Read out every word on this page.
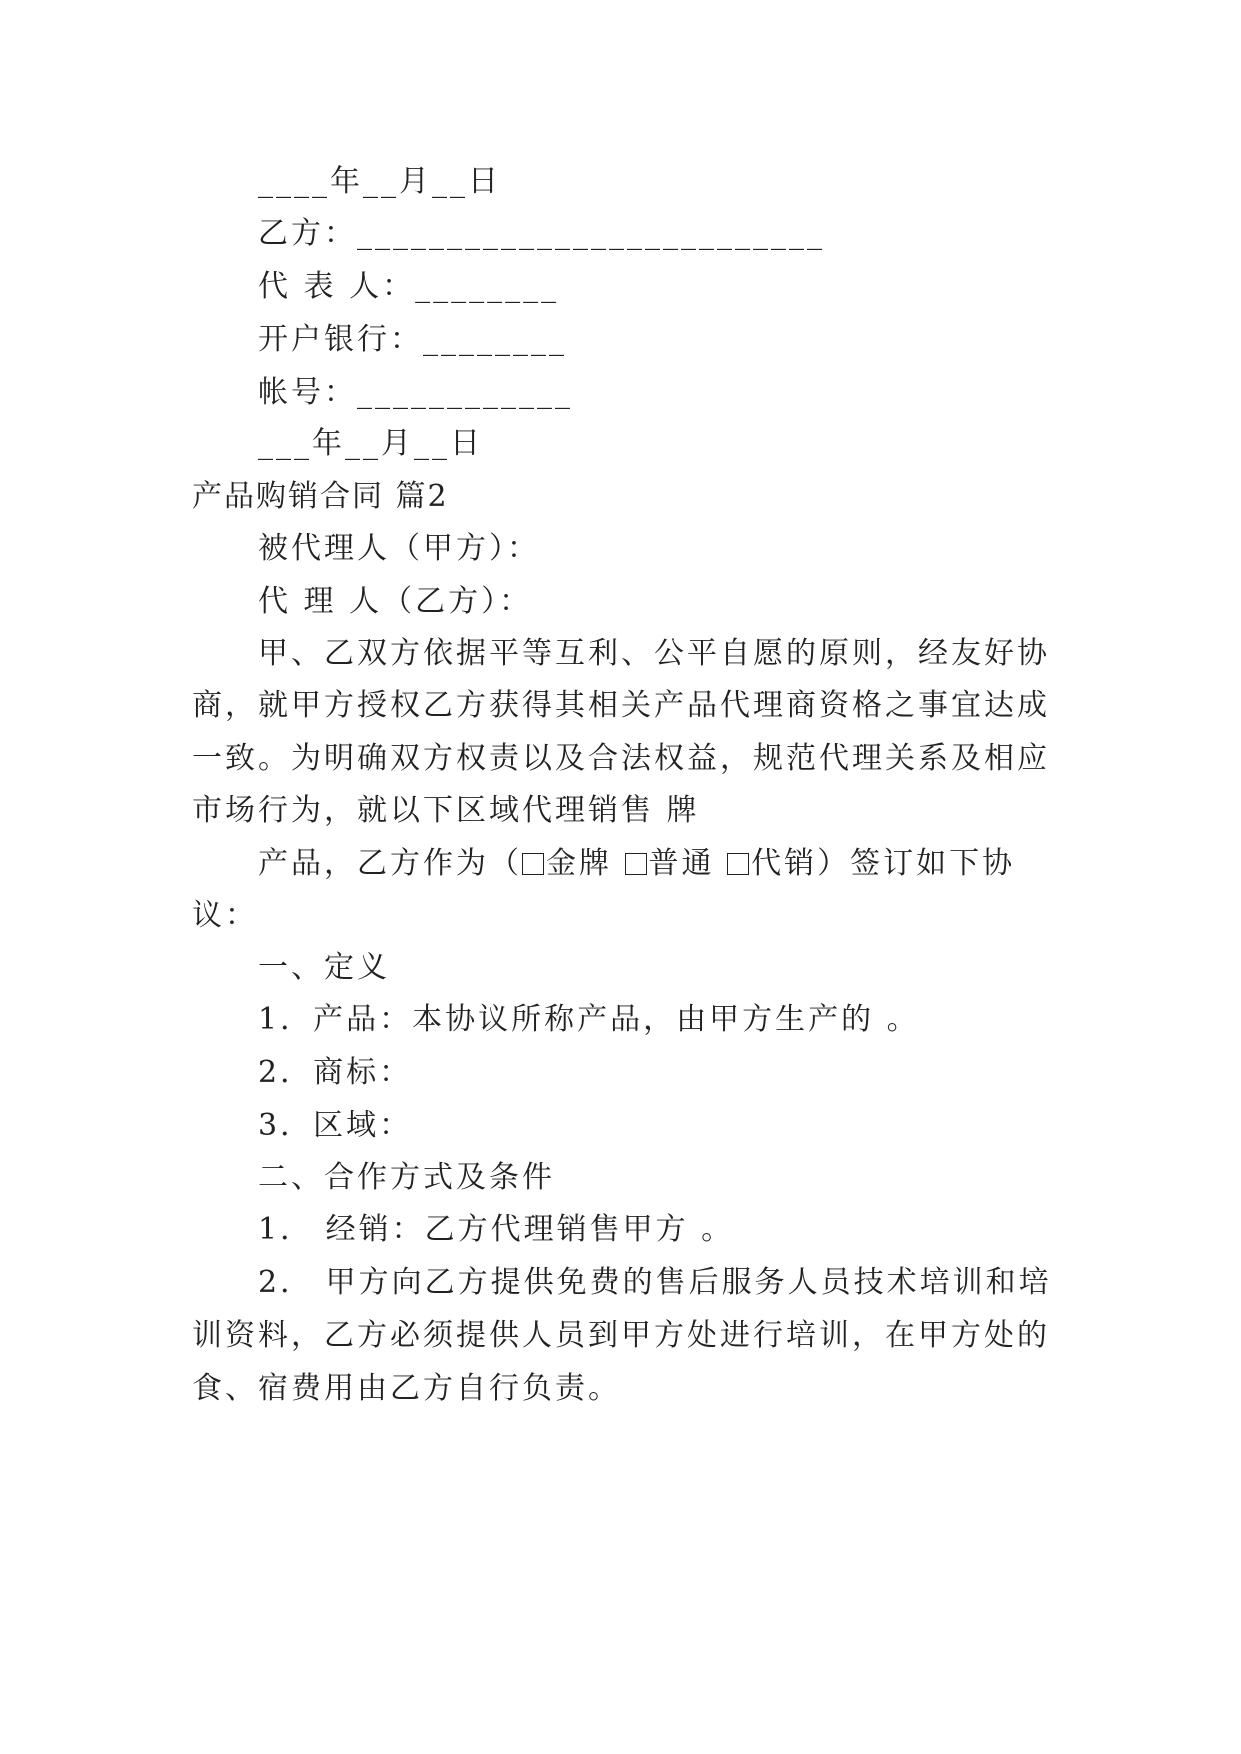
____年__月__日
乙方：__________________________
代 表 人：________
开户银行：________
帐号：____________
___年__月__日
产品购销合同 篇2
被代理人（甲方）：
代 理 人（乙方）：
甲、乙双方依据平等互利、公平自愿的原则，经友好协
商，就甲方授权乙方获得其相关产品代理商资格之事宜达成
一致。为明确双方权责以及合法权益，规范代理关系及相应
市场行为，就以下区域代理销售 牌
产品，乙方作为（ 金牌 普通 代销）签订如下协
议：
一、定义
1．产品：本协议所称产品，由甲方生产的 。
2．商标：
3．区域：
二、合作方式及条件
1． 经销：乙方代理销售甲方 。
2． 甲方向乙方提供免费的售后服务人员技术培训和培
训资料，乙方必须提供人员到甲方处进行培训，在甲方处的
食、宿费用由乙方自行负责。
